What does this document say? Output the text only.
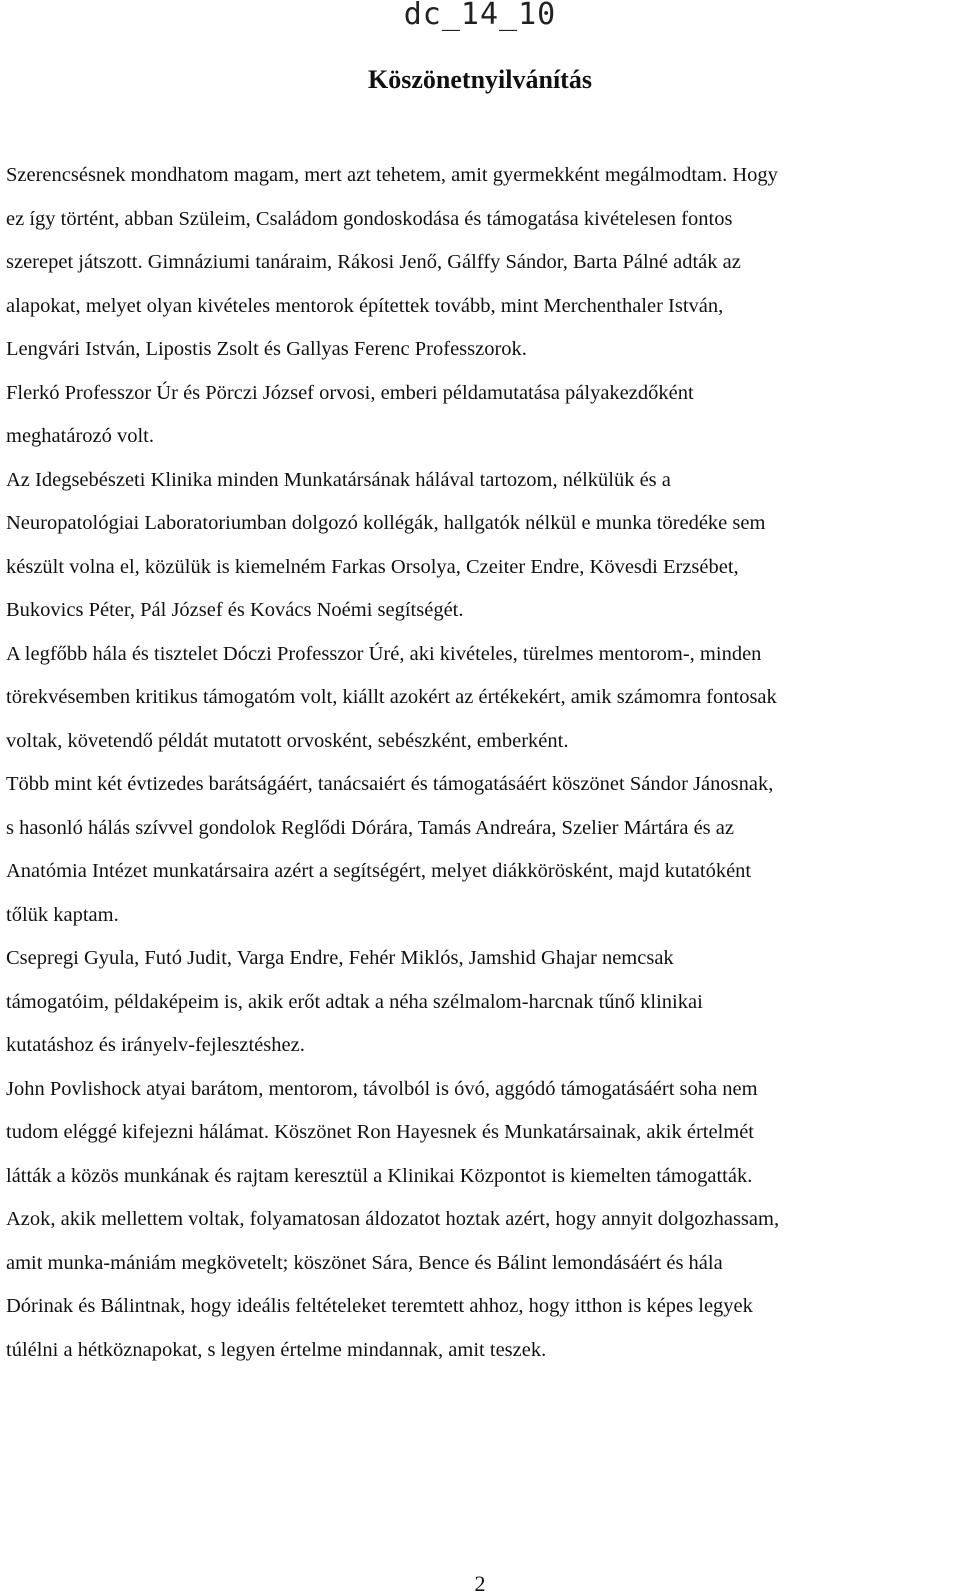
dc_14_10
Köszönetnyilvánítás

Szerencsésnek mondhatom magam, mert azt tehetem, amit gyermekként megálmodtam. Hogy
ez így történt, abban Szüleim, Családom gondoskodása és támogatása kivételesen fontos
szerepet játszott. Gimnáziumi tanáraim, Rákosi Jenő, Gálffy Sándor, Barta Pálné adták az
alapokat, melyet olyan kivételes mentorok építettek tovább, mint Merchenthaler István,
Lengvári István, Lipostis Zsolt és Gallyas Ferenc Professzorok.

Flerkó Professzor Úr és Pörczi József orvosi, emberi példamutatása pályakezdőként
meghatározó volt.

Az Idegsebészeti Klinika minden Munkatársának hálával tartozom, nélkülük és a
Neuropatológiai Laboratoriumban dolgozó kollégák, hallgatók nélkül e munka töredéke sem
készült volna el, közülük is kiemelném Farkas Orsolya, Czeiter Endre, Kövesdi Erzsébet,
Bukovics Péter, Pál József és Kovács Noémi segítségét.

A legfőbb hála és tisztelet Dóczi Professzor Úré, aki kivételes, türelmes mentorom-, minden
törekvésemben kritikus támogatóm volt, kiállt azokért az értékekért, amik számomra fontosak
voltak, követendő példát mutatott orvosként, sebészként, emberként.

Több mint két évtizedes barátságáért, tanácsaiért és támogatásáért köszönet Sándor Jánosnak,
s hasonló hálás szívvel gondolok Reglődi Dórára, Tamás Andreára, Szelier Mártára és az
Anatómia Intézet munkatársaira azért a segítségért, melyet diákkörösként, majd kutatóként
tőlük kaptam.

Csepregi Gyula, Futó Judit, Varga Endre, Fehér Miklós, Jamshid Ghajar nemcsak
támogatóim, példaképeim is, akik erőt adtak a néha szélmalom-harcnak tűnő klinikai
kutatáshoz és irányelv-fejlesztéshez.

John Povlishock atyai barátom, mentorom, távolból is óvó, aggódó támogatásáért soha nem
tudom eléggé kifejezni hálámat. Köszönet Ron Hayesnek és Munkatársainak, akik értelmét
látták a közös munkának és rajtam keresztül a Klinikai Központot is kiemelten támogatták.

Azok, akik mellettem voltak, folyamatosan áldozatot hoztak azért, hogy annyit dolgozhassam,
amit munka-mániám megkövetelt; köszönet Sára, Bence és Bálint lemondásáért és hála
Dórinak és Bálintnak, hogy ideális feltételeket teremtett ahhoz, hogy itthon is képes legyek
túlélni a hétköznapokat, s legyen értelme mindannak, amit teszek.

2
